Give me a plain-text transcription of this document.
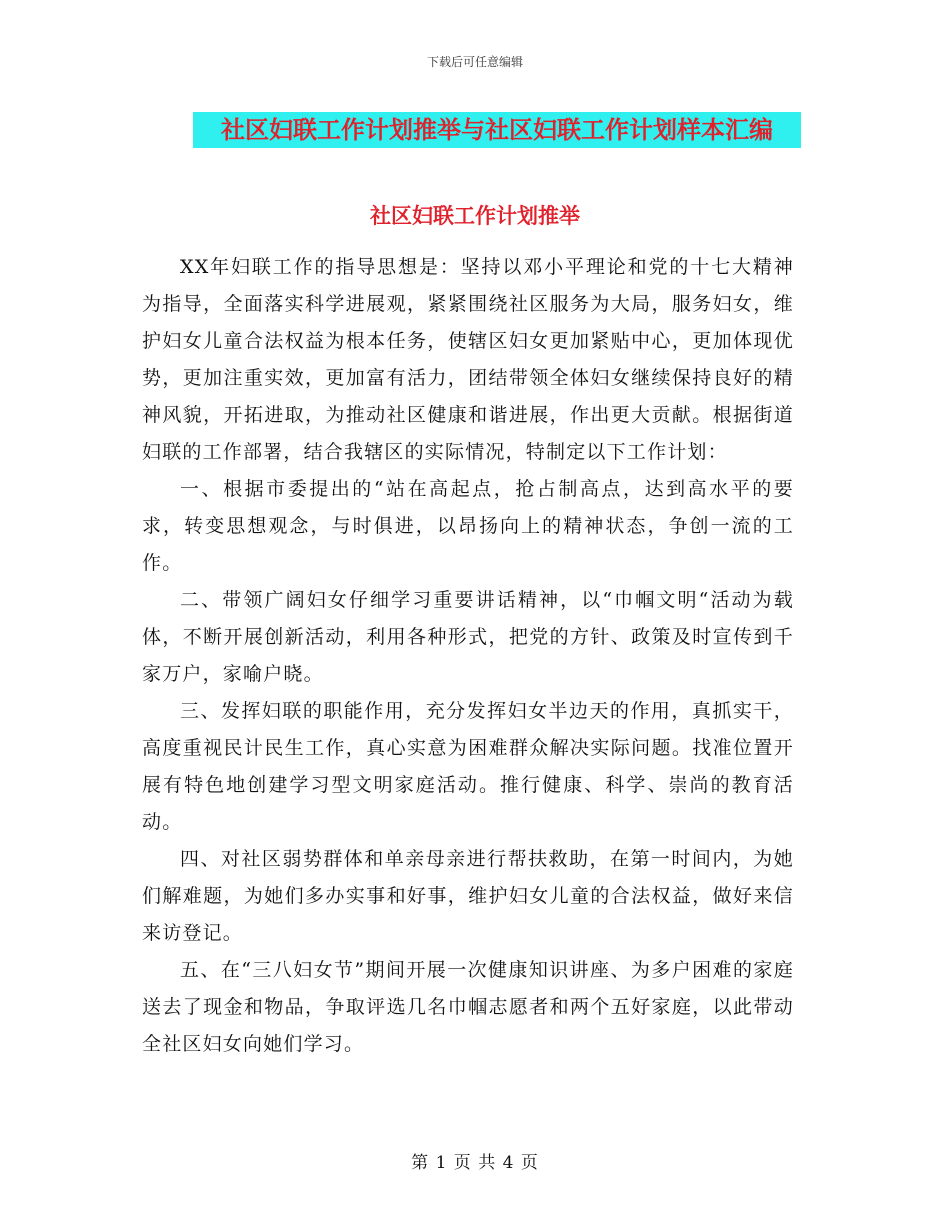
下载后可任意编辑
社区妇联工作计划推举与社区妇联工作计划样本汇编
社区妇联工作计划推举

XX年妇联工作的指导思想是：坚持以邓小平理论和党的十七大精神为指导，全面落实科学进展观，紧紧围绕社区服务为大局，服务妇女，维护妇女儿童合法权益为根本任务，使辖区妇女更加紧贴中心，更加体现优势，更加注重实效，更加富有活力，团结带领全体妇女继续保持良好的精神风貌，开拓进取，为推动社区健康和谐进展，作出更大贡献。根据街道妇联的工作部署，结合我辖区的实际情况，特制定以下工作计划：

一、根据市委提出的“站在高起点，抢占制高点，达到高水平的要求，转变思想观念，与时俱进，以昂扬向上的精神状态，争创一流的工作。

二、带领广阔妇女仔细学习重要讲话精神，以“巾帼文明“活动为载体，不断开展创新活动，利用各种形式，把党的方针、政策及时宣传到千家万户，家喻户晓。

三、发挥妇联的职能作用，充分发挥妇女半边天的作用，真抓实干，高度重视民计民生工作，真心实意为困难群众解决实际问题。找准位置开展有特色地创建学习型文明家庭活动。推行健康、科学、崇尚的教育活动。

四、对社区弱势群体和单亲母亲进行帮扶救助，在第一时间内，为她们解难题，为她们多办实事和好事，维护妇女儿童的合法权益，做好来信来访登记。

五、在“三八妇女节”期间开展一次健康知识讲座、为多户困难的家庭送去了现金和物品，争取评选几名巾帼志愿者和两个五好家庭，以此带动全社区妇女向她们学习。

第 1 页 共 4 页
